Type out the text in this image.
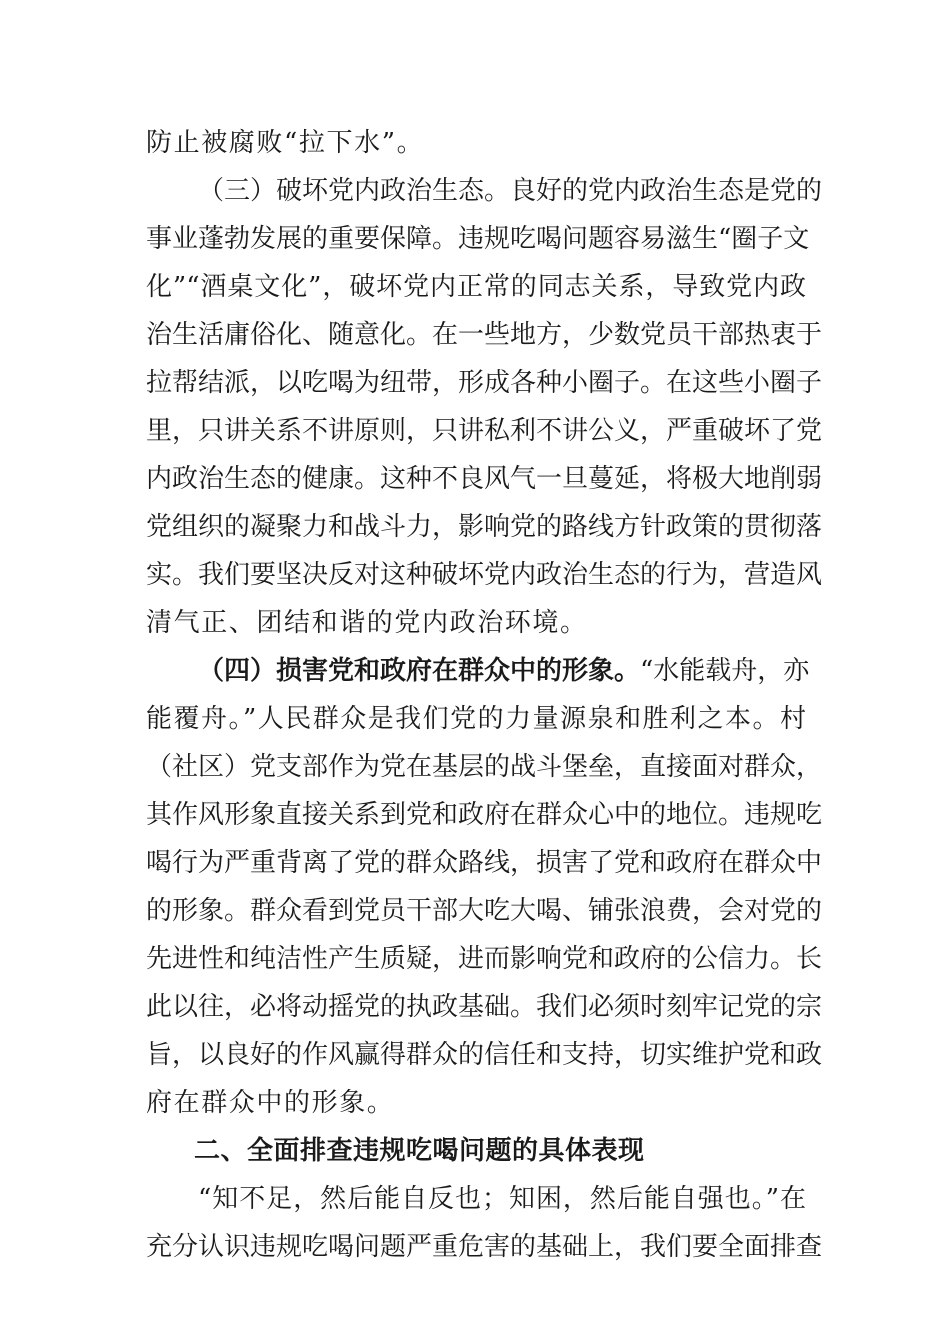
防止被腐败“拉下水”。
（三）破坏党内政治生态。良好的党内政治生态是党的
事业蓬勃发展的重要保障。违规吃喝问题容易滋生“圈子文
化”“酒桌文化”，破坏党内正常的同志关系，导致党内政
治生活庸俗化、随意化。在一些地方，少数党员干部热衷于
拉帮结派，以吃喝为纽带，形成各种小圈子。在这些小圈子
里，只讲关系不讲原则，只讲私利不讲公义，严重破坏了党
内政治生态的健康。这种不良风气一旦蔓延，将极大地削弱
党组织的凝聚力和战斗力，影响党的路线方针政策的贯彻落
实。我们要坚决反对这种破坏党内政治生态的行为，营造风
清气正、团结和谐的党内政治环境。
（四）损害党和政府在群众中的形象。 “水能载舟，亦
能覆舟。”人民群众是我们党的力量源泉和胜利之本。村
（社区）党支部作为党在基层的战斗堡垒，直接面对群众，
其作风形象直接关系到党和政府在群众心中的地位。违规吃
喝行为严重背离了党的群众路线，损害了党和政府在群众中
的形象。群众看到党员干部大吃大喝、铺张浪费，会对党的
先进性和纯洁性产生质疑，进而影响党和政府的公信力。长
此以往，必将动摇党的执政基础。我们必须时刻牢记党的宗
旨，以良好的作风赢得群众的信任和支持，切实维护党和政
府在群众中的形象。
二、全面排查违规吃喝问题的具体表现
“知不足，然后能自反也；知困，然后能自强也。”在
充分认识违规吃喝问题严重危害的基础上，我们要全面排查
